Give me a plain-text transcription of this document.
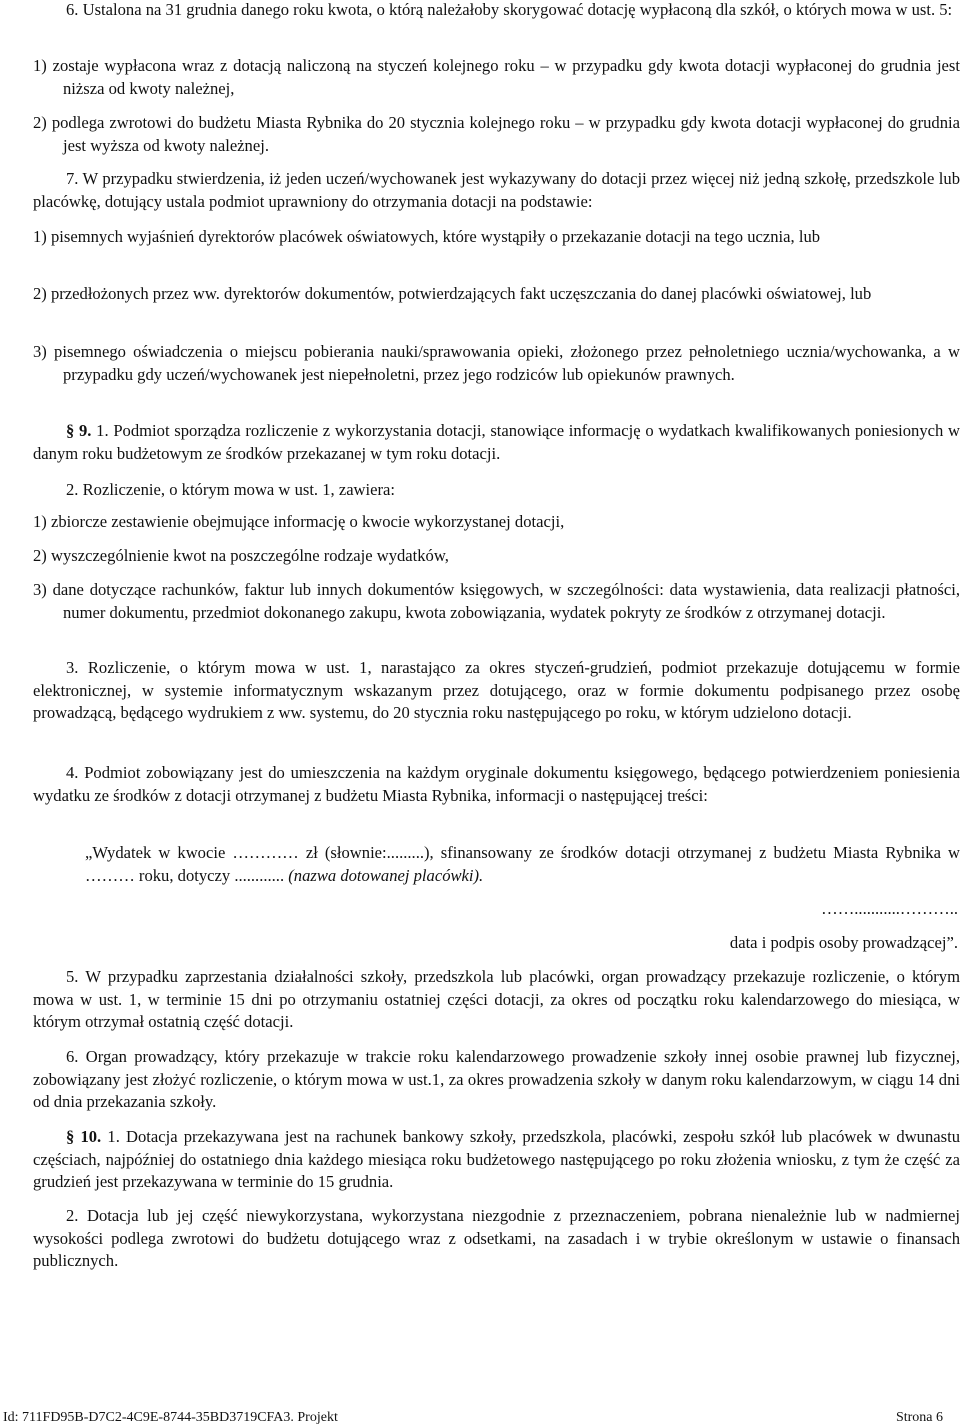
6. Ustalona na 31 grudnia danego roku kwota, o którą należałoby skorygować dotację wypłaconą dla szkół, o których mowa w ust. 5:
1) zostaje wypłacona wraz z dotacją naliczoną na styczeń kolejnego roku – w przypadku gdy kwota dotacji wypłaconej do grudnia jest niższa od kwoty należnej,
2) podlega zwrotowi do budżetu Miasta Rybnika do 20 stycznia kolejnego roku – w przypadku gdy kwota dotacji wypłaconej do grudnia jest wyższa od kwoty należnej.
7. W przypadku stwierdzenia, iż jeden uczeń/wychowanek jest wykazywany do dotacji przez więcej niż jedną szkołę, przedszkole lub placówkę, dotujący ustala podmiot uprawniony do otrzymania dotacji na podstawie:
1) pisemnych wyjaśnień dyrektorów placówek oświatowych, które wystąpiły o przekazanie dotacji na tego ucznia, lub
2) przedłożonych przez ww. dyrektorów dokumentów, potwierdzających fakt uczęszczania do danej placówki oświatowej, lub
3) pisemnego oświadczenia o miejscu pobierania nauki/sprawowania opieki, złożonego przez pełnoletniego ucznia/wychowanka, a w przypadku gdy uczeń/wychowanek jest niepełnoletni, przez jego rodziców lub opiekunów prawnych.
§ 9. 1. Podmiot sporządza rozliczenie z wykorzystania dotacji, stanowiące informację o wydatkach kwalifikowanych poniesionych w danym roku budżetowym ze środków przekazanej w tym roku dotacji.
2. Rozliczenie, o którym mowa w ust. 1, zawiera:
1) zbiorcze zestawienie obejmujące informację o kwocie wykorzystanej dotacji,
2) wyszczególnienie kwot na poszczególne rodzaje wydatków,
3) dane dotyczące rachunków, faktur lub innych dokumentów księgowych, w szczególności: data wystawienia, data realizacji płatności, numer dokumentu, przedmiot dokonanego zakupu, kwota zobowiązania, wydatek pokryty ze środków z otrzymanej dotacji.
3. Rozliczenie, o którym mowa w ust. 1, narastająco za okres styczeń-grudzień, podmiot przekazuje dotującemu w formie elektronicznej, w systemie informatycznym wskazanym przez dotującego, oraz w formie dokumentu podpisanego przez osobę prowadzącą, będącego wydrukiem z ww. systemu, do 20 stycznia roku następującego po roku, w którym udzielono dotacji.
4. Podmiot zobowiązany jest do umieszczenia na każdym oryginale dokumentu księgowego, będącego potwierdzeniem poniesienia wydatku ze środków z dotacji otrzymanej z budżetu Miasta Rybnika, informacji o następującej treści:
„Wydatek w kwocie ………… zł (słownie:.........), sfinansowany ze środków dotacji otrzymanej z budżetu Miasta Rybnika w ……… roku, dotyczy ............ (nazwa dotowanej placówki).
……...........………..
data i podpis osoby prowadzącej”.
5. W przypadku zaprzestania działalności szkoły, przedszkola lub placówki, organ prowadzący przekazuje rozliczenie, o którym mowa w ust. 1, w terminie 15 dni po otrzymaniu ostatniej części dotacji, za okres od początku roku kalendarzowego do miesiąca, w którym otrzymał ostatnią część dotacji.
6. Organ prowadzący, który przekazuje w trakcie roku kalendarzowego prowadzenie szkoły innej osobie prawnej lub fizycznej, zobowiązany jest złożyć rozliczenie, o którym mowa w ust.1, za okres prowadzenia szkoły w danym roku kalendarzowym, w ciągu 14 dni od dnia przekazania szkoły.
§ 10. 1. Dotacja przekazywana jest na rachunek bankowy szkoły, przedszkola, placówki, zespołu szkół lub placówek w dwunastu częściach, najpóźniej do ostatniego dnia każdego miesiąca roku budżetowego następującego po roku złożenia wniosku, z tym że część za grudzień jest przekazywana w terminie do 15 grudnia.
2. Dotacja lub jej część niewykorzystana, wykorzystana niezgodnie z przeznaczeniem, pobrana nienależnie lub w nadmiernej wysokości podlega zwrotowi do budżetu dotującego wraz z odsetkami, na zasadach i w trybie określonym w ustawie o finansach publicznych.
Id: 711FD95B-D7C2-4C9E-8744-35BD3719CFA3. Projekt	Strona 6
